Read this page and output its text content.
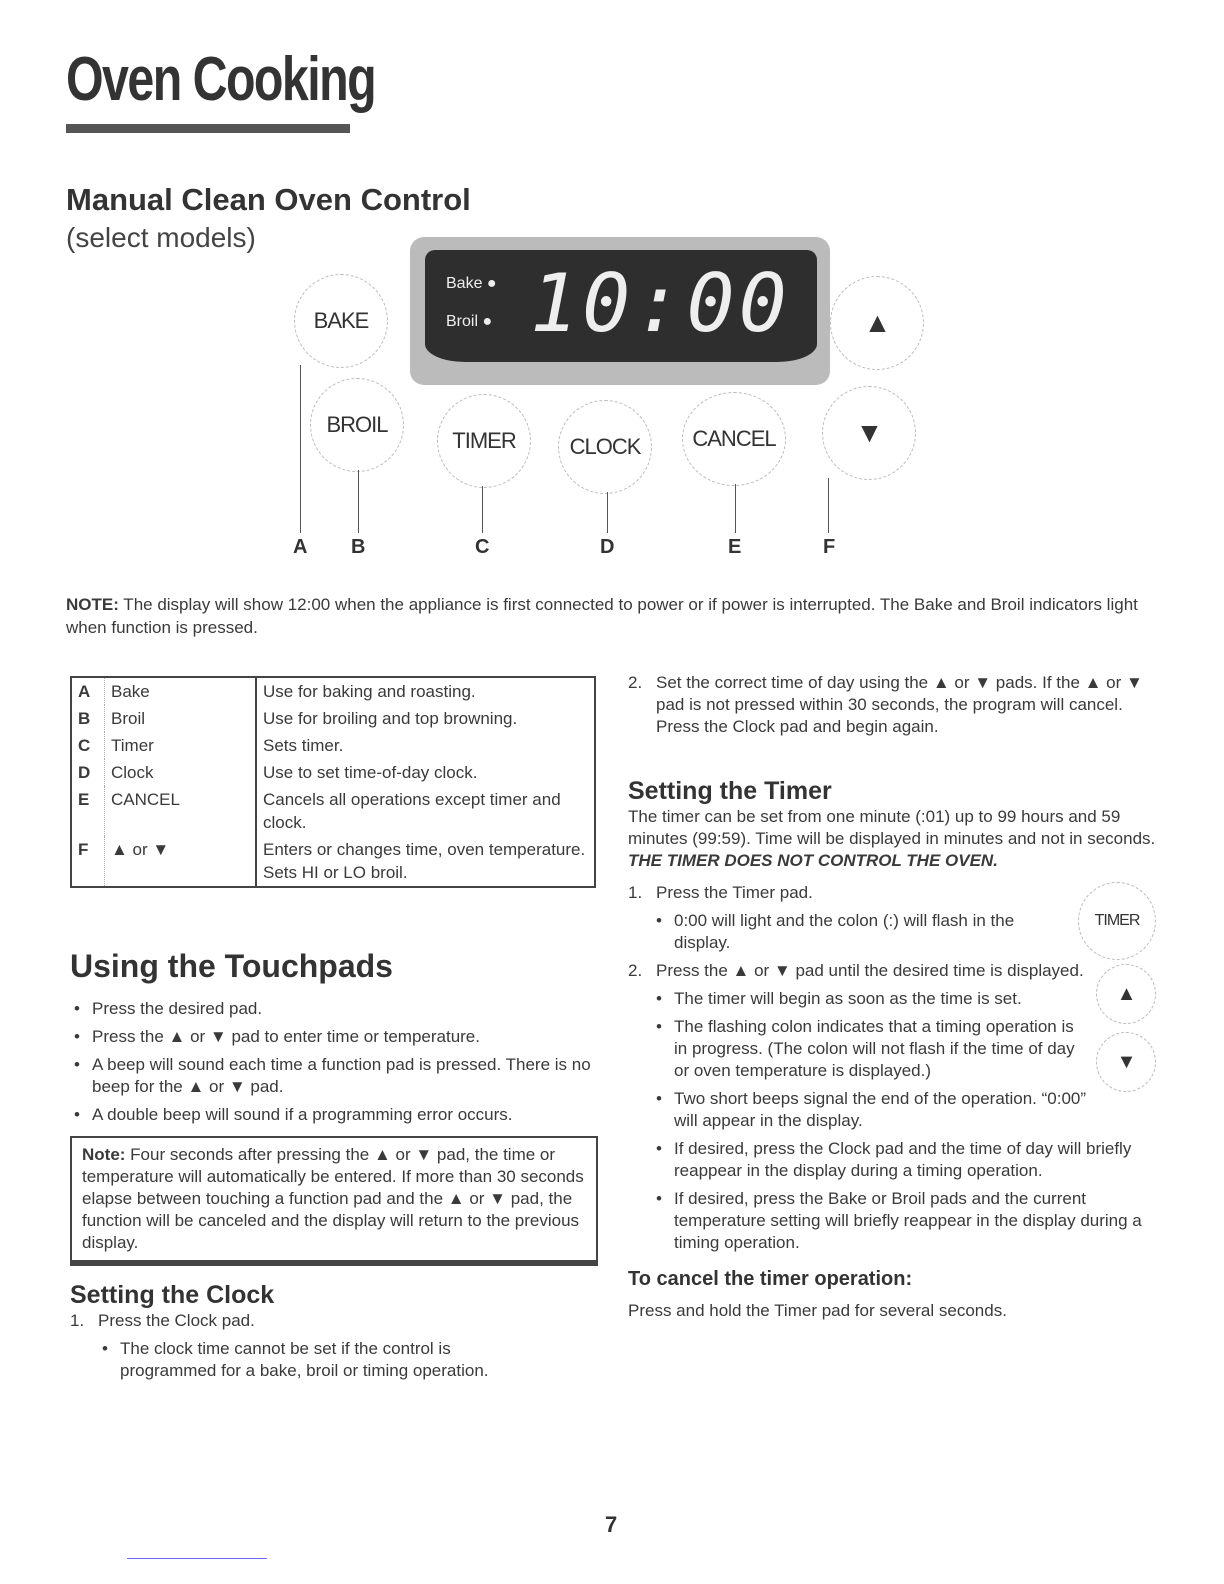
Oven Cooking
Manual Clean Oven Control
(select models)
Bake ●
Broil ● 10:00
BAKE
BROIL
TIMER	CLOCK	CANCEL
▲
▼
A B	C	D	E	F
NOTE: The display will show 12:00 when the appliance is first connected to power or if power is interrupted. The Bake and Broil indicators light when function is pressed.
A	Bake	Use for baking and roasting.
B	Broil	Use for broiling and top browning.
C	Timer	Sets timer.
D	Clock	Use to set time-of-day clock.
E	CANCEL	Cancels all operations except timer and clock.
F	▲ or ▼	Enters or changes time, oven temperature. Sets HI or LO broil.
Using the Touchpads
• Press the desired pad.
• Press the ▲ or ▼ pad to enter time or temperature.
• A beep will sound each time a function pad is pressed. There is no beep for the ▲ or ▼ pad.
• A double beep will sound if a programming error occurs.
Note: Four seconds after pressing the ▲ or ▼ pad, the time or temperature will automatically be entered. If more than 30 seconds elapse between touching a function pad and the ▲ or ▼ pad, the function will be canceled and the display will return to the previous display.
Setting the Clock
1. Press the Clock pad.
• The clock time cannot be set if the control is programmed for a bake, broil or timing operation.
2. Set the correct time of day using the ▲ or ▼ pads. If the ▲ or ▼ pad is not pressed within 30 seconds, the program will cancel. Press the Clock pad and begin again.
Setting the Timer
The timer can be set from one minute (:01) up to 99 hours and 59 minutes (99:59). Time will be displayed in minutes and not in seconds. THE TIMER DOES NOT CONTROL THE OVEN.
TIMER
1. Press the Timer pad.
• 0:00 will light and the colon (:) will flash in the display.
▲
▼
2. Press the ▲ or ▼ pad until the desired time is displayed.
• The timer will begin as soon as the time is set.
• The flashing colon indicates that a timing operation is in progress. (The colon will not flash if the time of day or oven temperature is displayed.)
• Two short beeps signal the end of the operation. “0:00” will appear in the display.
• If desired, press the Clock pad and the time of day will briefly reappear in the display during a timing operation.
• If desired, press the Bake or Broil pads and the current temperature setting will briefly reappear in the display during a timing operation.
To cancel the timer operation:
Press and hold the Timer pad for several seconds.
7
